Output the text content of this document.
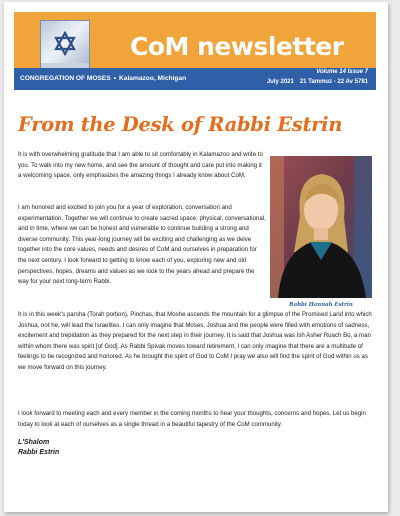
CoM newsletter
CONGREGATION OF MOSES • Kalamazoo, Michigan
Volume 14 Issue 7
July 2021 21 Tammuz - 22 Av 5781
From the Desk of Rabbi Estrin

It is with overwhelming gratitude that I am able to sit comfortably in Kalamazoo and write to you. To walk into my new home, and see the amount of thought and care put into making it a welcoming space, only emphasizes the amazing things I already know about CoM.

I am honored and excited to join you for a year of exploration, conversation and experimentation. Together we will continue to create sacred space: physical, conversational, and in time, where we can be honest and vulnerable to continue building a strong and diverse community. This year-long journey will be exciting and challenging as we delve together into the core values, needs and desires of CoM and ourselves in preparation for the next century. I look forward to getting to know each of you, exploring new and old perspectives, hopes, dreams and values as we look to the years ahead and prepare the way for your next long-term Rabbi.

Rabbi Hannah Estrin

It is in this week's parsha (Torah portion), Pinchas, that Moshe ascends the mountain for a glimpse of the Promised Land into which Joshua, not he, will lead the Israelites. I can only imagine that Moses, Joshua and the people were filled with emotions of sadness, excitement and trepidation as they prepared for the next step in their journey. It is said that Joshua was Ish Asher Ruach Bo, a man within whom there was spirit [of God]. As Rabbi Spivak moves toward retirement, I can only imagine that there are a multitude of feelings to be recognized and honored. As he brought the spirit of God to CoM I pray we also will find the spirit of God within us as we move forward on this journey.

I look forward to meeting each and every member in the coming months to hear your thoughts, concerns and hopes. Let us begin today to look at each of ourselves as a single thread in a beautiful tapestry of the CoM community.

L'Shalom
Rabbi Estrin
